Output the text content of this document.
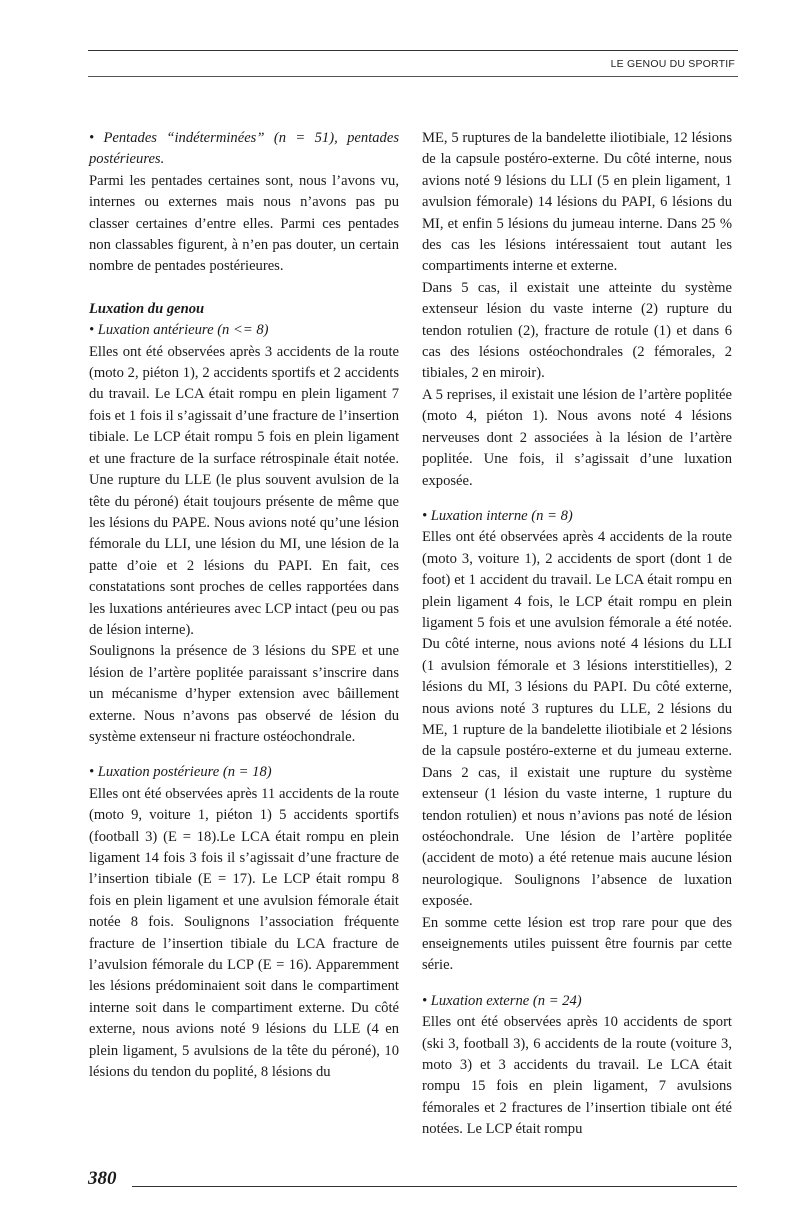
LE GENOU DU SPORTIF

• Pentades “indéterminées” (n = 51), pentades postérieures.

Parmi les pentades certaines sont, nous l’avons vu, internes ou externes mais nous n’avons pas pu classer certaines d’entre elles. Parmi ces pentades non classables figurent, à n’en pas douter, un certain nombre de pentades postérieures.

Luxation du genou

• Luxation antérieure (n <= 8)

Elles ont été observées après 3 accidents de la route (moto 2, piéton 1), 2 accidents sportifs et 2 accidents du travail. Le LCA était rompu en plein ligament 7 fois et 1 fois il s’agissait d’une fracture de l’insertion tibiale. Le LCP était rompu 5 fois en plein ligament et une fracture de la surface rétrospinale était notée. Une rupture du LLE (le plus souvent avulsion de la tête du péroné) était toujours présente de même que les lésions du PAPE. Nous avions noté qu’une lésion fémorale du LLI, une lésion du MI, une lésion de la patte d’oie et 2 lésions du PAPI. En fait, ces constatations sont proches de celles rapportées dans les luxations antérieures avec LCP intact (peu ou pas de lésion interne).

Soulignons la présence de 3 lésions du SPE et une lésion de l’artère poplitée paraissant s’inscrire dans un mécanisme d’hyper extension avec bâillement externe. Nous n’avons pas observé de lésion du système extenseur ni fracture ostéochondrale.

• Luxation postérieure (n = 18)

Elles ont été observées après 11 accidents de la route (moto 9, voiture 1, piéton 1) 5 accidents sportifs (football 3) (E = 18).Le LCA était rompu en plein ligament 14 fois 3 fois il s’agissait d’une fracture de l’insertion tibiale (E = 17). Le LCP était rompu 8 fois en plein ligament et une avulsion fémorale était notée 8 fois. Soulignons l’association fréquente fracture de l’insertion tibiale du LCA fracture de l’avulsion fémorale du LCP (E = 16). Apparemment les lésions prédominaient soit dans le compartiment interne soit dans le compartiment externe. Du côté externe, nous avions noté 9 lésions du LLE (4 en plein ligament, 5 avulsions de la tête du péroné), 10 lésions du tendon du poplité, 8 lésions du

ME, 5 ruptures de la bandelette iliotibiale, 12 lésions de la capsule postéro-externe. Du côté interne, nous avions noté 9 lésions du LLI (5 en plein ligament, 1 avulsion fémorale) 14 lésions du PAPI, 6 lésions du MI, et enfin 5 lésions du jumeau interne. Dans 25 % des cas les lésions intéressaient tout autant les compartiments interne et externe.

Dans 5 cas, il existait une atteinte du système extenseur lésion du vaste interne (2) rupture du tendon rotulien (2), fracture de rotule (1) et dans 6 cas des lésions ostéochondrales (2 fémorales, 2 tibiales, 2 en miroir).

A 5 reprises, il existait une lésion de l’artère poplitée (moto 4, piéton 1). Nous avons noté 4 lésions nerveuses dont 2 associées à la lésion de l’artère poplitée. Une fois, il s’agissait d’une luxation exposée.

• Luxation interne (n = 8)

Elles ont été observées après 4 accidents de la route (moto 3, voiture 1), 2 accidents de sport (dont 1 de foot) et 1 accident du travail. Le LCA était rompu en plein ligament 4 fois, le LCP était rompu en plein ligament 5 fois et une avulsion fémorale a été notée. Du côté interne, nous avions noté 4 lésions du LLI (1 avulsion fémorale et 3 lésions interstitielles), 2 lésions du MI, 3 lésions du PAPI. Du côté externe, nous avions noté 3 ruptures du LLE, 2 lésions du ME, 1 rupture de la bandelette iliotibiale et 2 lésions de la capsule postéro-externe et du jumeau externe. Dans 2 cas, il existait une rupture du système extenseur (1 lésion du vaste interne, 1 rupture du tendon rotulien) et nous n’avions pas noté de lésion ostéochondrale. Une lésion de l’artère poplitée (accident de moto) a été retenue mais aucune lésion neurologique. Soulignons l’absence de luxation exposée.

En somme cette lésion est trop rare pour que des enseignements utiles puissent être fournis par cette série.

• Luxation externe (n = 24)

Elles ont été observées après 10 accidents de sport (ski 3, football 3), 6 accidents de la route (voiture 3, moto 3) et 3 accidents du travail. Le LCA était rompu 15 fois en plein ligament, 7 avulsions fémorales et 2 fractures de l’insertion tibiale ont été notées. Le LCP était rompu

380
